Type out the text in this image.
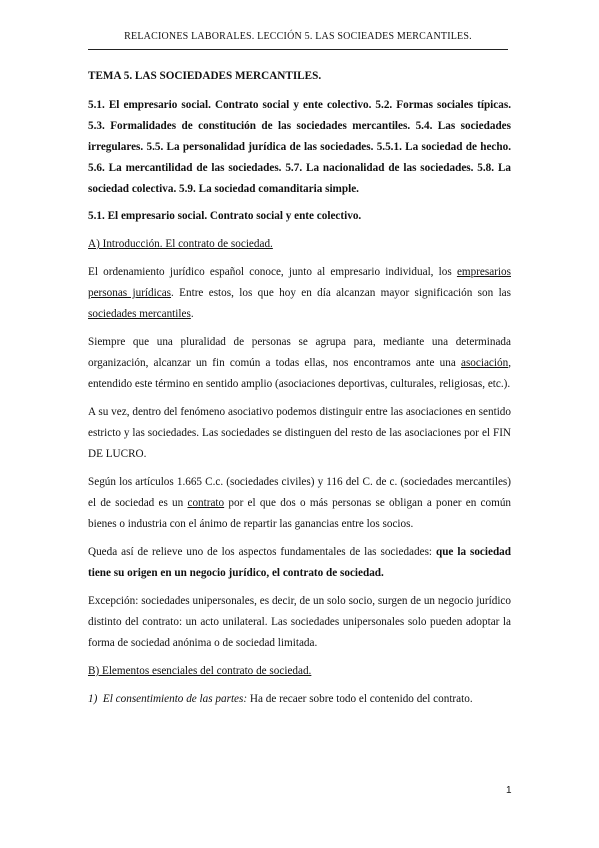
RELACIONES LABORALES. LECCIÓN 5. LAS SOCIEADES MERCANTILES.

TEMA 5. LAS SOCIEDADES MERCANTILES.

5.1. El empresario social. Contrato social y ente colectivo. 5.2. Formas sociales típicas. 5.3. Formalidades de constitución de las sociedades mercantiles. 5.4. Las sociedades irregulares. 5.5. La personalidad jurídica de las sociedades. 5.5.1. La sociedad de hecho. 5.6. La mercantilidad de las sociedades. 5.7. La nacionalidad de las sociedades. 5.8. La sociedad colectiva. 5.9. La sociedad comanditaria simple.

5.1. El empresario social. Contrato social y ente colectivo.

A) Introducción. El contrato de sociedad.

El ordenamiento jurídico español conoce, junto al empresario individual, los empresarios personas jurídicas. Entre estos, los que hoy en día alcanzan mayor significación son las sociedades mercantiles.

Siempre que una pluralidad de personas se agrupa para, mediante una determinada organización, alcanzar un fin común a todas ellas, nos encontramos ante una asociación, entendido este término en sentido amplio (asociaciones deportivas, culturales, religiosas, etc.).

A su vez, dentro del fenómeno asociativo podemos distinguir entre las asociaciones en sentido estricto y las sociedades. Las sociedades se distinguen del resto de las asociaciones por el FIN DE LUCRO.

Según los artículos 1.665 C.c. (sociedades civiles) y 116 del C. de c. (sociedades mercantiles) el de sociedad es un contrato por el que dos o más personas se obligan a poner en común bienes o industria con el ánimo de repartir las ganancias entre los socios.

Queda así de relieve uno de los aspectos fundamentales de las sociedades: que la sociedad tiene su origen en un negocio jurídico, el contrato de sociedad.

Excepción: sociedades unipersonales, es decir, de un solo socio, surgen de un negocio jurídico distinto del contrato: un acto unilateral. Las sociedades unipersonales solo pueden adoptar la forma de sociedad anónima o de sociedad limitada.

B) Elementos esenciales del contrato de sociedad.

1) El consentimiento de las partes: Ha de recaer sobre todo el contenido del contrato.

1
